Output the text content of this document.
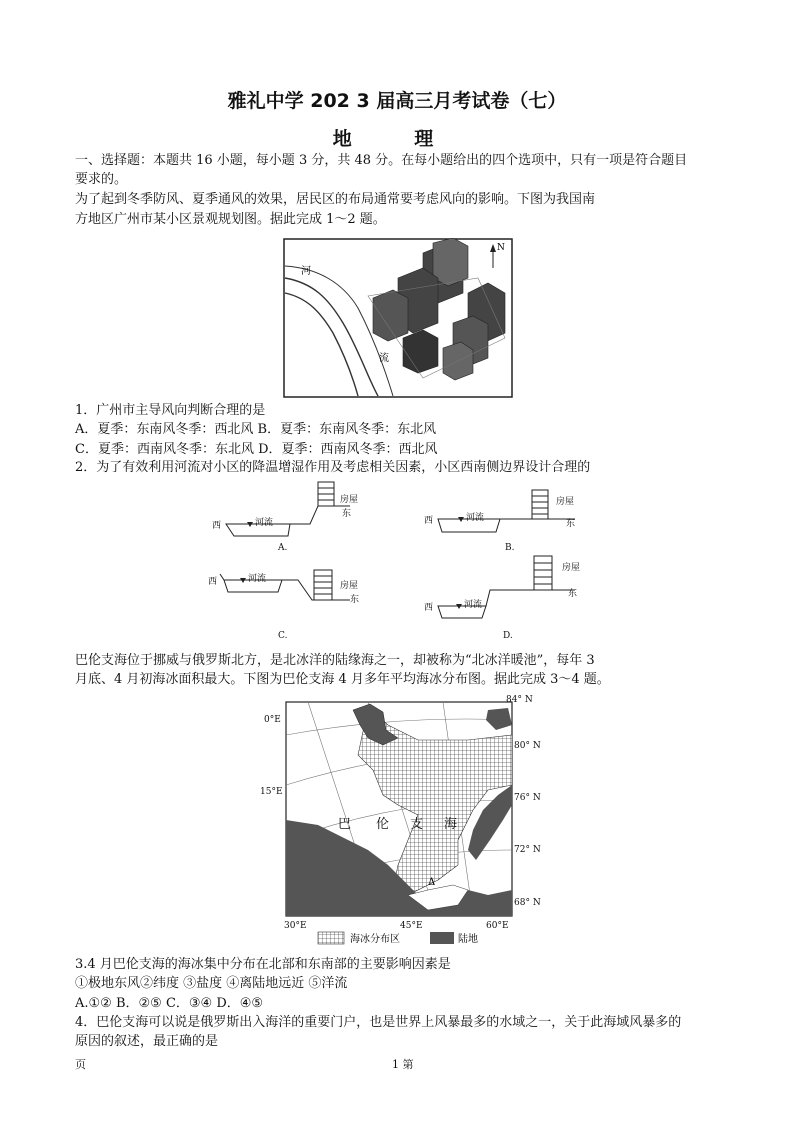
雅礼中学 202 3 届高三月考试卷（七）
地 理
一、选择题：本题共 16 小题，每小题 3 分，共 48 分。在每小题给出的四个选项中，只有一项是符合题目
要求的。
为了起到冬季防风、夏季通风的效果，居民区的布局通常要考虑风向的影响。下图为我国南
方地区广州市某小区景观规划图。据此完成 1～2 题。
河
流
N
1．广州市主导风向判断合理的是
A．夏季：东南风冬季：西北风 B．夏季：东南风冬季：东北风
C．夏季：西南风冬季：东北风 D．夏季：西南风冬季：西北风
2．为了有效利用河流对小区的降温增湿作用及考虑相关因素，小区西南侧边界设计合理的
西	河流
房屋
东
A.
西	河流
房屋
东
B.
西	河流
房屋
东
C.
西	河流
房屋
东
D.
巴伦支海位于挪威与俄罗斯北方，是北冰洋的陆缘海之一，却被称为“北冰洋暖池”，每年 3
月底、4 月初海冰面积最大。下图为巴伦支海 4 月多年平均海冰分布图。据此完成 3～4 题。
巴 伦 支 海
Δ
84° N
80° N
76° N
72° N
68° N
0°E
15°E
30°E	45°E	60°E
海冰分布区	陆地
3.4 月巴伦支海的海冰集中分布在北部和东南部的主要影响因素是
①极地东风②纬度 ③盐度 ④离陆地远近 ⑤洋流
A.①② B．②⑤ C．③④ D．④⑤
4．巴伦支海可以说是俄罗斯出入海洋的重要门户，也是世界上风暴最多的水域之一，关于此海域风暴多的
原因的叙述，最正确的是
页	1 第
